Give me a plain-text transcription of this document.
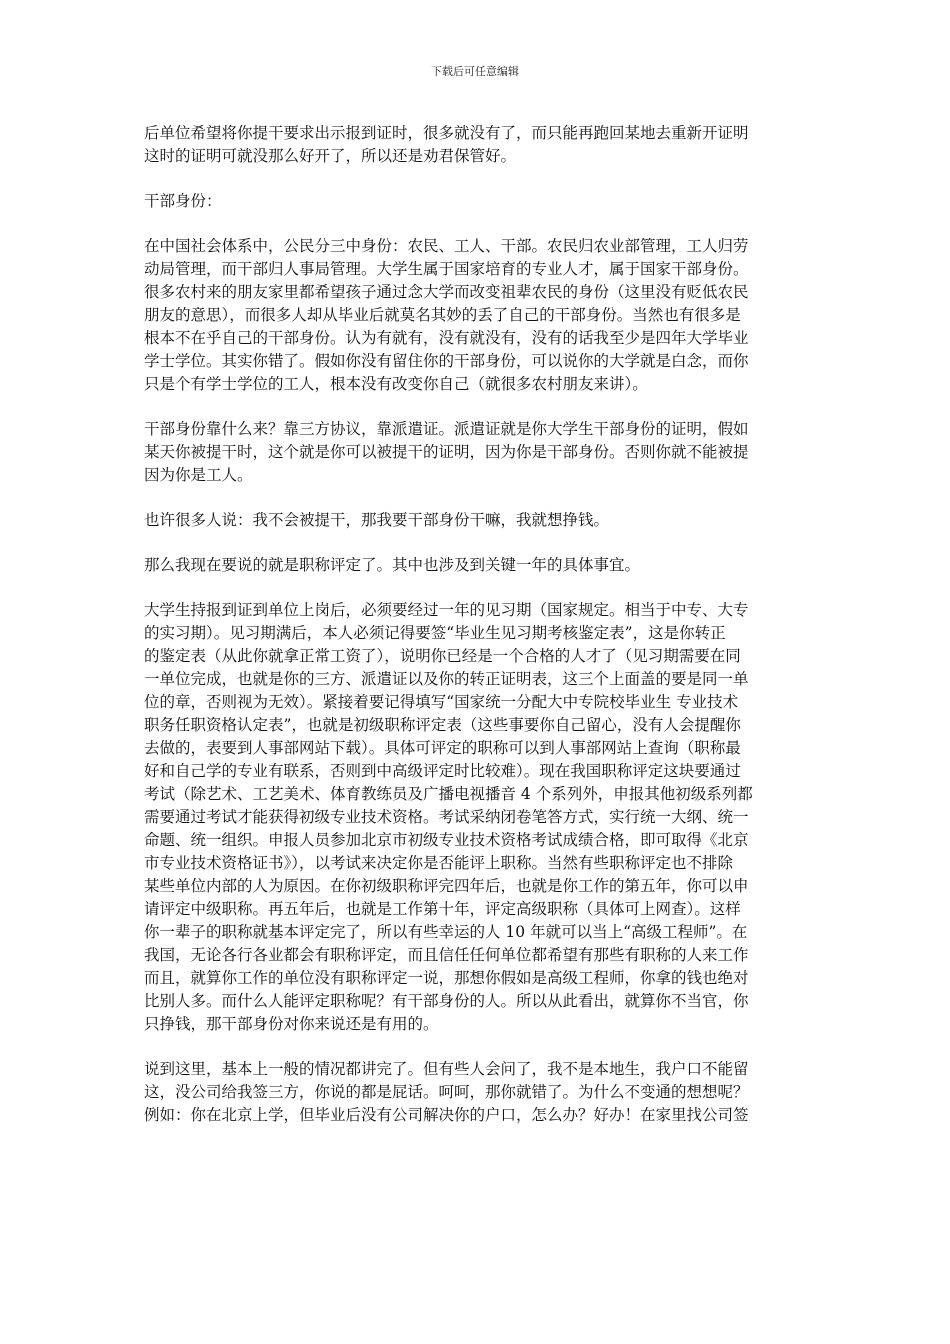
下载后可任意编辑
后单位希望将你提干要求出示报到证时，很多就没有了，而只能再跑回某地去重新开证明
这时的证明可就没那么好开了，所以还是劝君保管好。
干部身份：
在中国社会体系中，公民分三中身份：农民、工人、干部。农民归农业部管理，工人归劳
动局管理，而干部归人事局管理。大学生属于国家培育的专业人才，属于国家干部身份。
很多农村来的朋友家里都希望孩子通过念大学而改变祖辈农民的身份（这里没有贬低农民
朋友的意思），而很多人却从毕业后就莫名其妙的丢了自己的干部身份。当然也有很多是
根本不在乎自己的干部身份。认为有就有，没有就没有，没有的话我至少是四年大学毕业
学士学位。其实你错了。假如你没有留住你的干部身份，可以说你的大学就是白念，而你
只是个有学士学位的工人，根本没有改变你自己（就很多农村朋友来讲）。
干部身份靠什么来？靠三方协议，靠派遣证。派遣证就是你大学生干部身份的证明，假如
某天你被提干时，这个就是你可以被提干的证明，因为你是干部身份。否则你就不能被提
因为你是工人。
也许很多人说：我不会被提干，那我要干部身份干嘛，我就想挣钱。
那么我现在要说的就是职称评定了。其中也涉及到关键一年的具体事宜。
大学生持报到证到单位上岗后，必须要经过一年的见习期（国家规定。相当于中专、大专
的实习期）。见习期满后，本人必须记得要签“毕业生见习期考核鉴定表”，这是你转正
的鉴定表（从此你就拿正常工资了），说明你已经是一个合格的人才了（见习期需要在同
一单位完成，也就是你的三方、派遣证以及你的转正证明表，这三个上面盖的要是同一单
位的章，否则视为无效）。紧接着要记得填写“国家统一分配大中专院校毕业生 专业技术
职务任职资格认定表”，也就是初级职称评定表（这些事要你自己留心，没有人会提醒你
去做的，表要到人事部网站下载）。具体可评定的职称可以到人事部网站上查询（职称最
好和自己学的专业有联系，否则到中高级评定时比较难）。现在我国职称评定这块要通过
考试（除艺术、工艺美术、体育教练员及广播电视播音 4 个系列外，申报其他初级系列都
需要通过考试才能获得初级专业技术资格。考试采纳闭卷笔答方式，实行统一大纲、统一
命题、统一组织。申报人员参加北京市初级专业技术资格考试成绩合格，即可取得《北京
市专业技术资格证书》），以考试来决定你是否能评上职称。当然有些职称评定也不排除
某些单位内部的人为原因。在你初级职称评完四年后，也就是你工作的第五年，你可以申
请评定中级职称。再五年后，也就是工作第十年，评定高级职称（具体可上网查）。这样
你一辈子的职称就基本评定完了，所以有些幸运的人 10 年就可以当上“高级工程师”。在
我国，无论各行各业都会有职称评定，而且信任任何单位都希望有那些有职称的人来工作
而且，就算你工作的单位没有职称评定一说，那想你假如是高级工程师，你拿的钱也绝对
比别人多。而什么人能评定职称呢？有干部身份的人。所以从此看出，就算你不当官，你
只挣钱，那干部身份对你来说还是有用的。
说到这里，基本上一般的情况都讲完了。但有些人会问了，我不是本地生，我户口不能留
这，没公司给我签三方，你说的都是屁话。呵呵，那你就错了。为什么不变通的想想呢？
例如：你在北京上学，但毕业后没有公司解决你的户口，怎么办？好办！在家里找公司签
